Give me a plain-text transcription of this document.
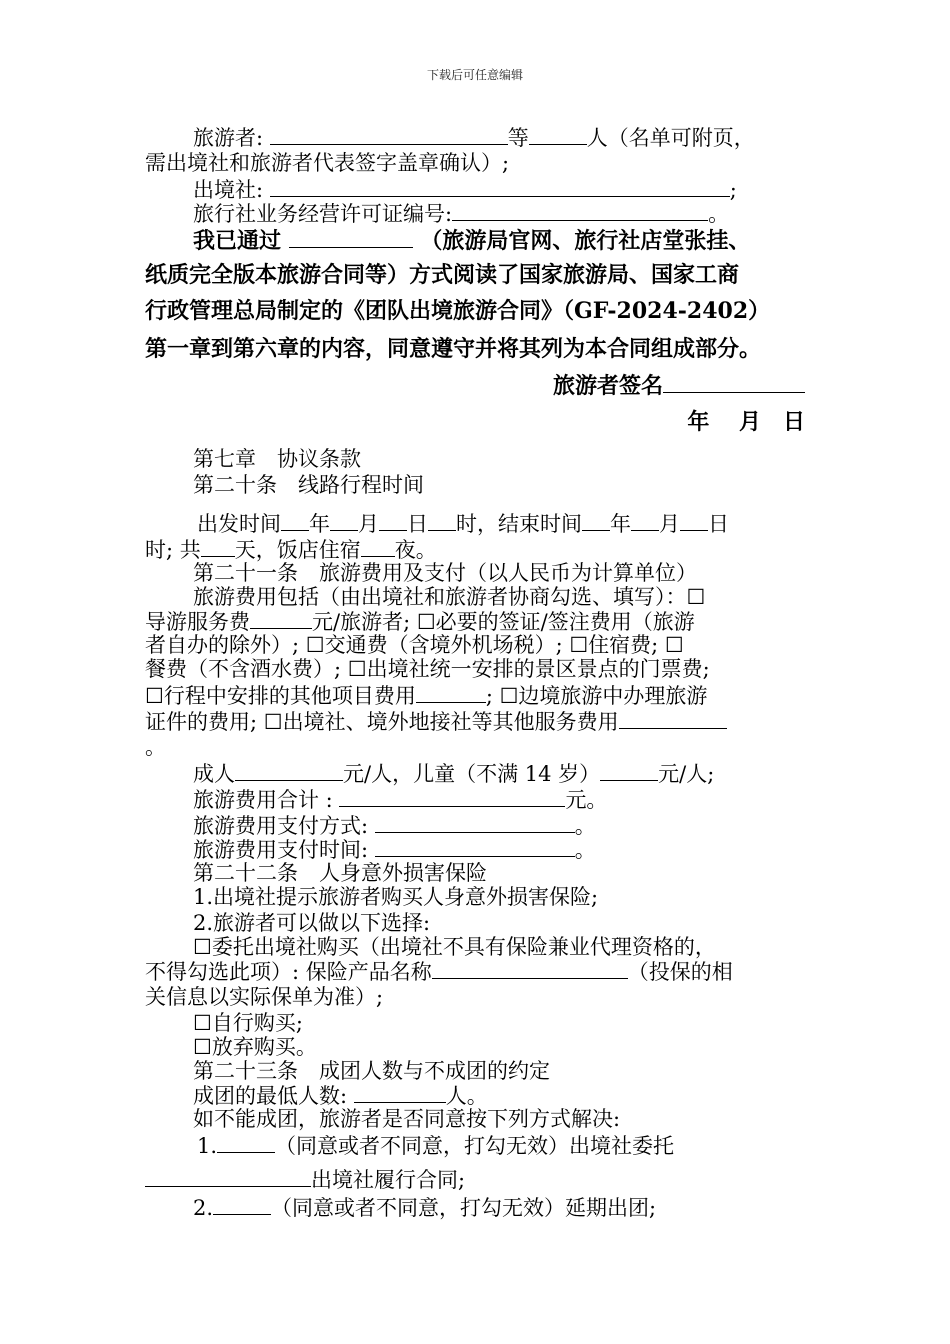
下载后可任意编辑
旅游者:	等	人（名单可附页，
需出境社和旅游者代表签字盖章确认）;
出境社:	;
旅行社业务经营许可证编号:	。
我已通过	（旅游局官网、旅行社店堂张挂、
纸质完全版本旅游合同等）方式阅读了国家旅游局、国家工商
行政管理总局制定的《团队出境旅游合同》（GF-2024-2402）
第一章到第六章的内容，同意遵守并将其列为本合同组成部分。
旅游者签名
年　 月　日
第七章　协议条款
第二十条　线路行程时间
出发时间 年 月 日 时，结束时间 年 月 日
时; 共 天，饭店住宿 夜。
第二十一条　旅游费用及支付（以人民币为计算单位）
旅游费用包括（由出境社和旅游者协商勾选、填写）：☐
导游服务费	元/旅游者; ☐必要的签证/签注费用（旅游
者自办的除外）; ☐交通费（含境外机场税）; ☐住宿费; ☐
餐费（不含酒水费）; ☐出境社统一安排的景区景点的门票费;
☐行程中安排的其他项目费用	; ☐边境旅游中办理旅游
证件的费用; ☐出境社、境外地接社等其他服务费用
。
成人	元/人，儿童（不满 14 岁）	元/人;
旅游费用合计 :	元。
旅游费用支付方式:	。
旅游费用支付时间:	。
第二十二条　人身意外损害保险
1.出境社提示旅游者购买人身意外损害保险;
2.旅游者可以做以下选择:
☐委托出境社购买（出境社不具有保险兼业代理资格的，
不得勾选此项）: 保险产品名称	（投保的相
关信息以实际保单为准）;
☐自行购买;
☐放弃购买。
第二十三条　成团人数与不成团的约定
成团的最低人数:	人。
如不能成团，旅游者是否同意按下列方式解决:
1.	（同意或者不同意，打勾无效）出境社委托
出境社履行合同;
2.	（同意或者不同意，打勾无效）延期出团;
